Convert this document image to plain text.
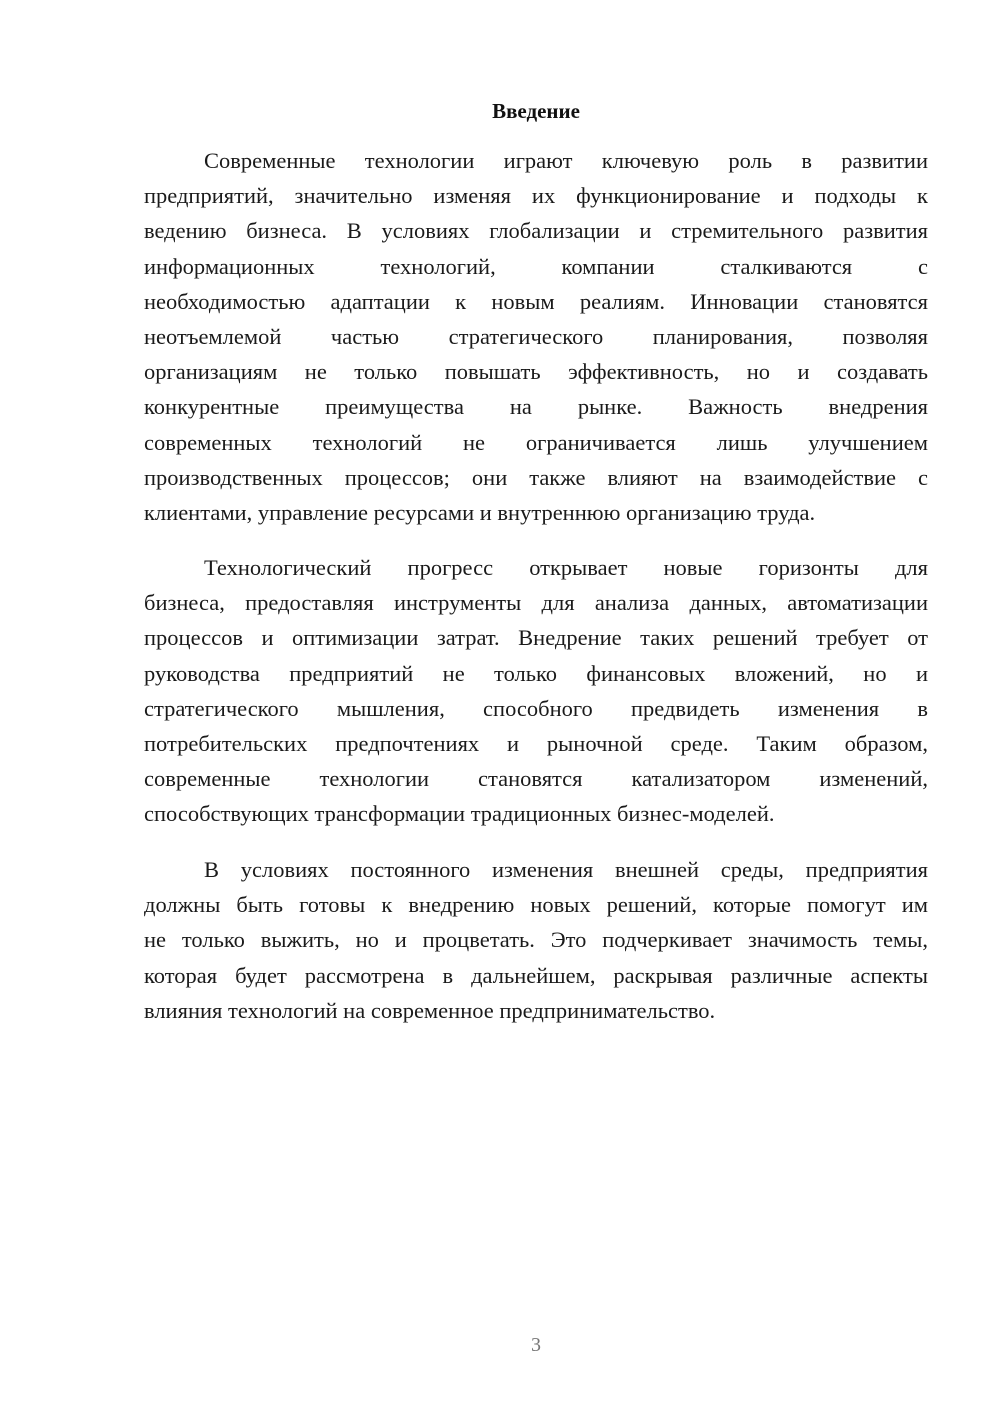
Введение
Современные технологии играют ключевую роль в развитии
предприятий, значительно изменяя их функционирование и подходы к
ведению бизнеса. В условиях глобализации и стремительного развития
информационных технологий, компании сталкиваются с
необходимостью адаптации к новым реалиям. Инновации становятся
неотъемлемой частью стратегического планирования, позволяя
организациям не только повышать эффективность, но и создавать
конкурентные преимущества на рынке. Важность внедрения
современных технологий не ограничивается лишь улучшением
производственных процессов; они также влияют на взаимодействие с
клиентами, управление ресурсами и внутреннюю организацию труда.
Технологический прогресс открывает новые горизонты для
бизнеса, предоставляя инструменты для анализа данных, автоматизации
процессов и оптимизации затрат. Внедрение таких решений требует от
руководства предприятий не только финансовых вложений, но и
стратегического мышления, способного предвидеть изменения в
потребительских предпочтениях и рыночной среде. Таким образом,
современные технологии становятся катализатором изменений,
способствующих трансформации традиционных бизнес-моделей.
В условиях постоянного изменения внешней среды, предприятия
должны быть готовы к внедрению новых решений, которые помогут им
не только выжить, но и процветать. Это подчеркивает значимость темы,
которая будет рассмотрена в дальнейшем, раскрывая различные аспекты
влияния технологий на современное предпринимательство.
3
